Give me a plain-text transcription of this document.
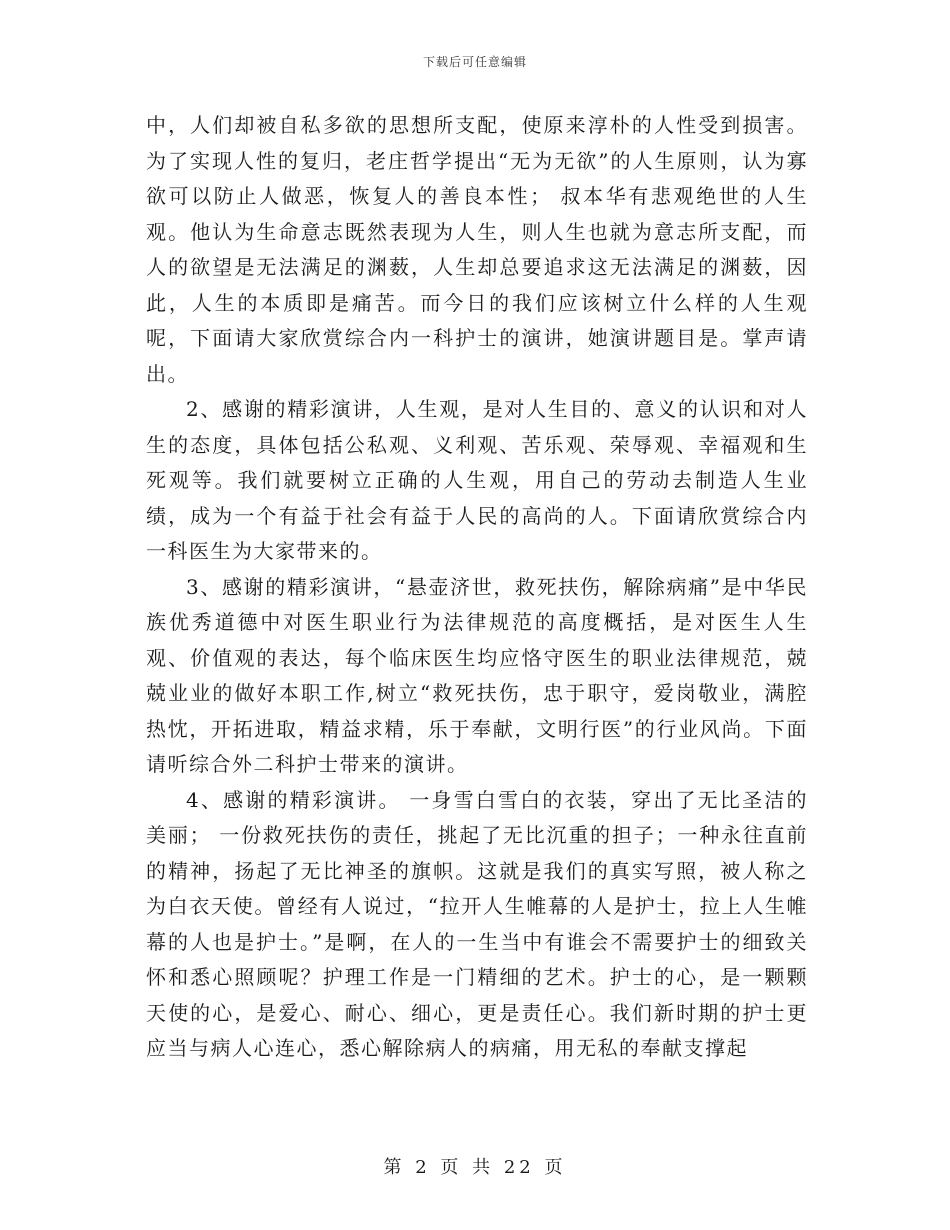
下载后可任意编辑

中，人们却被自私多欲的思想所支配，使原来淳朴的人性受到损害。为了实现人性的复归，老庄哲学提出“无为无欲”的人生原则，认为寡欲可以防止人做恶，恢复人的善良本性； 叔本华有悲观绝世的人生观。他认为生命意志既然表现为人生，则人生也就为意志所支配，而人的欲望是无法满足的渊薮，人生却总要追求这无法满足的渊薮，因此，人生的本质即是痛苦。而今日的我们应该树立什么样的人生观呢，下面请大家欣赏综合内一科护士的演讲，她演讲题目是。掌声请出。

2、感谢的精彩演讲，人生观，是对人生目的、意义的认识和对人生的态度，具体包括公私观、义利观、苦乐观、荣辱观、幸福观和生死观等。我们就要树立正确的人生观，用自己的劳动去制造人生业绩，成为一个有益于社会有益于人民的高尚的人。下面请欣赏综合内一科医生为大家带来的。

3、感谢的精彩演讲，“悬壶济世，救死扶伤，解除病痛”是中华民族优秀道德中对医生职业行为法律规范的高度概括，是对医生人生观、价值观的表达，每个临床医生均应恪守医生的职业法律规范，兢兢业业的做好本职工作,树立“救死扶伤，忠于职守，爱岗敬业，满腔热忱，开拓进取，精益求精，乐于奉献，文明行医”的行业风尚。下面请听综合外二科护士带来的演讲。

4、感谢的精彩演讲。 一身雪白雪白的衣装，穿出了无比圣洁的美丽； 一份救死扶伤的责任，挑起了无比沉重的担子；一种永往直前的精神，扬起了无比神圣的旗帜。这就是我们的真实写照，被人称之为白衣天使。曾经有人说过，“拉开人生帷幕的人是护士，拉上人生帷幕的人也是护士。”是啊，在人的一生当中有谁会不需要护士的细致关怀和悉心照顾呢？护理工作是一门精细的艺术。护士的心，是一颗颗天使的心，是爱心、耐心、细心，更是责任心。我们新时期的护士更应当与病人心连心，悉心解除病人的病痛，用无私的奉献支撑起

第 2 页 共 22 页
